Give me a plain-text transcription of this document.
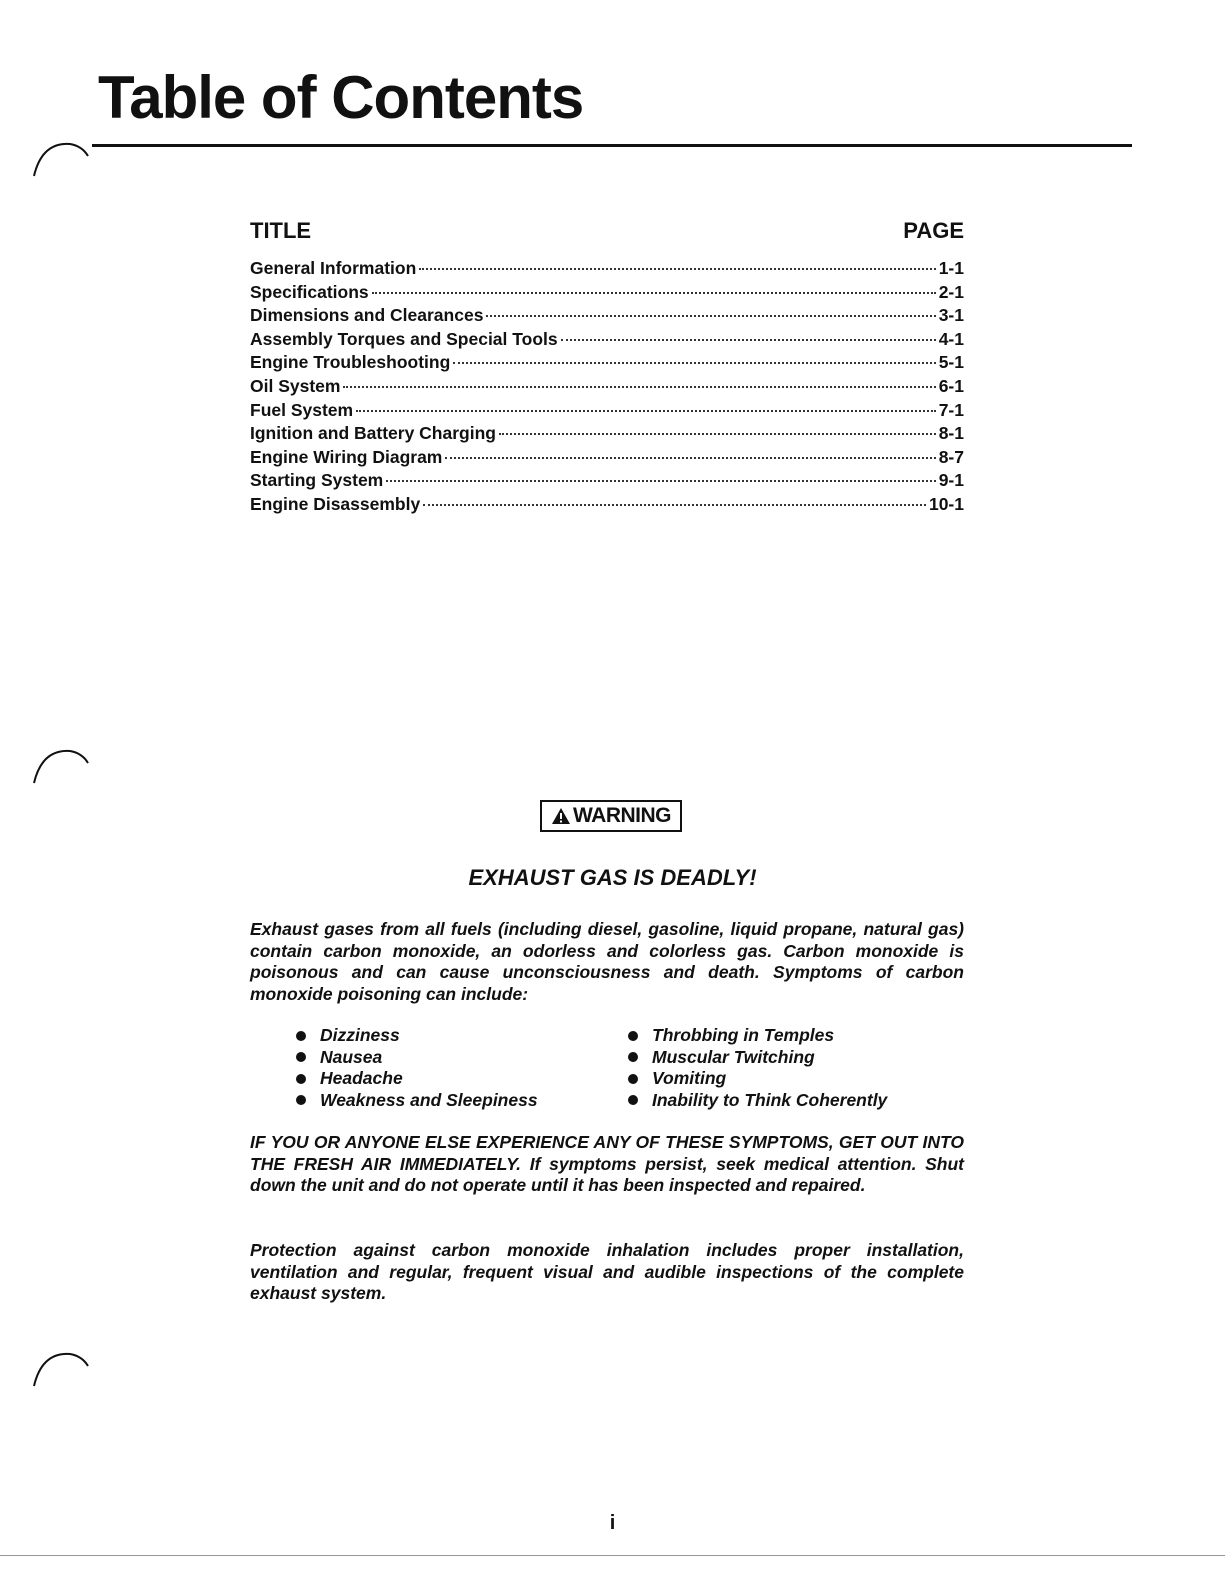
Table of Contents
TITLE	PAGE
General Information	1-1
Specifications	2-1
Dimensions and Clearances	3-1
Assembly Torques and Special Tools	4-1
Engine Troubleshooting	5-1
Oil System	6-1
Fuel System	7-1
Ignition and Battery Charging	8-1
Engine Wiring Diagram	8-7
Starting System	9-1
Engine Disassembly	10-1
WARNING
EXHAUST GAS IS DEADLY!

Exhaust gases from all fuels (including diesel, gasoline, liquid propane, natural gas) contain carbon monoxide, an odorless and colorless gas. Carbon monoxide is poisonous and can cause unconsciousness and death. Symptoms of carbon monoxide poisoning can include:

Dizziness
Nausea
Headache
Weakness and Sleepiness
Throbbing in Temples
Muscular Twitching
Vomiting
Inability to Think Coherently

IF YOU OR ANYONE ELSE EXPERIENCE ANY OF THESE SYMPTOMS, GET OUT INTO THE FRESH AIR IMMEDIATELY. If symptoms persist, seek medical attention. Shut down the unit and do not operate until it has been inspected and repaired.

Protection against carbon monoxide inhalation includes proper installation, ventilation and regular, frequent visual and audible inspections of the complete exhaust system.

i
